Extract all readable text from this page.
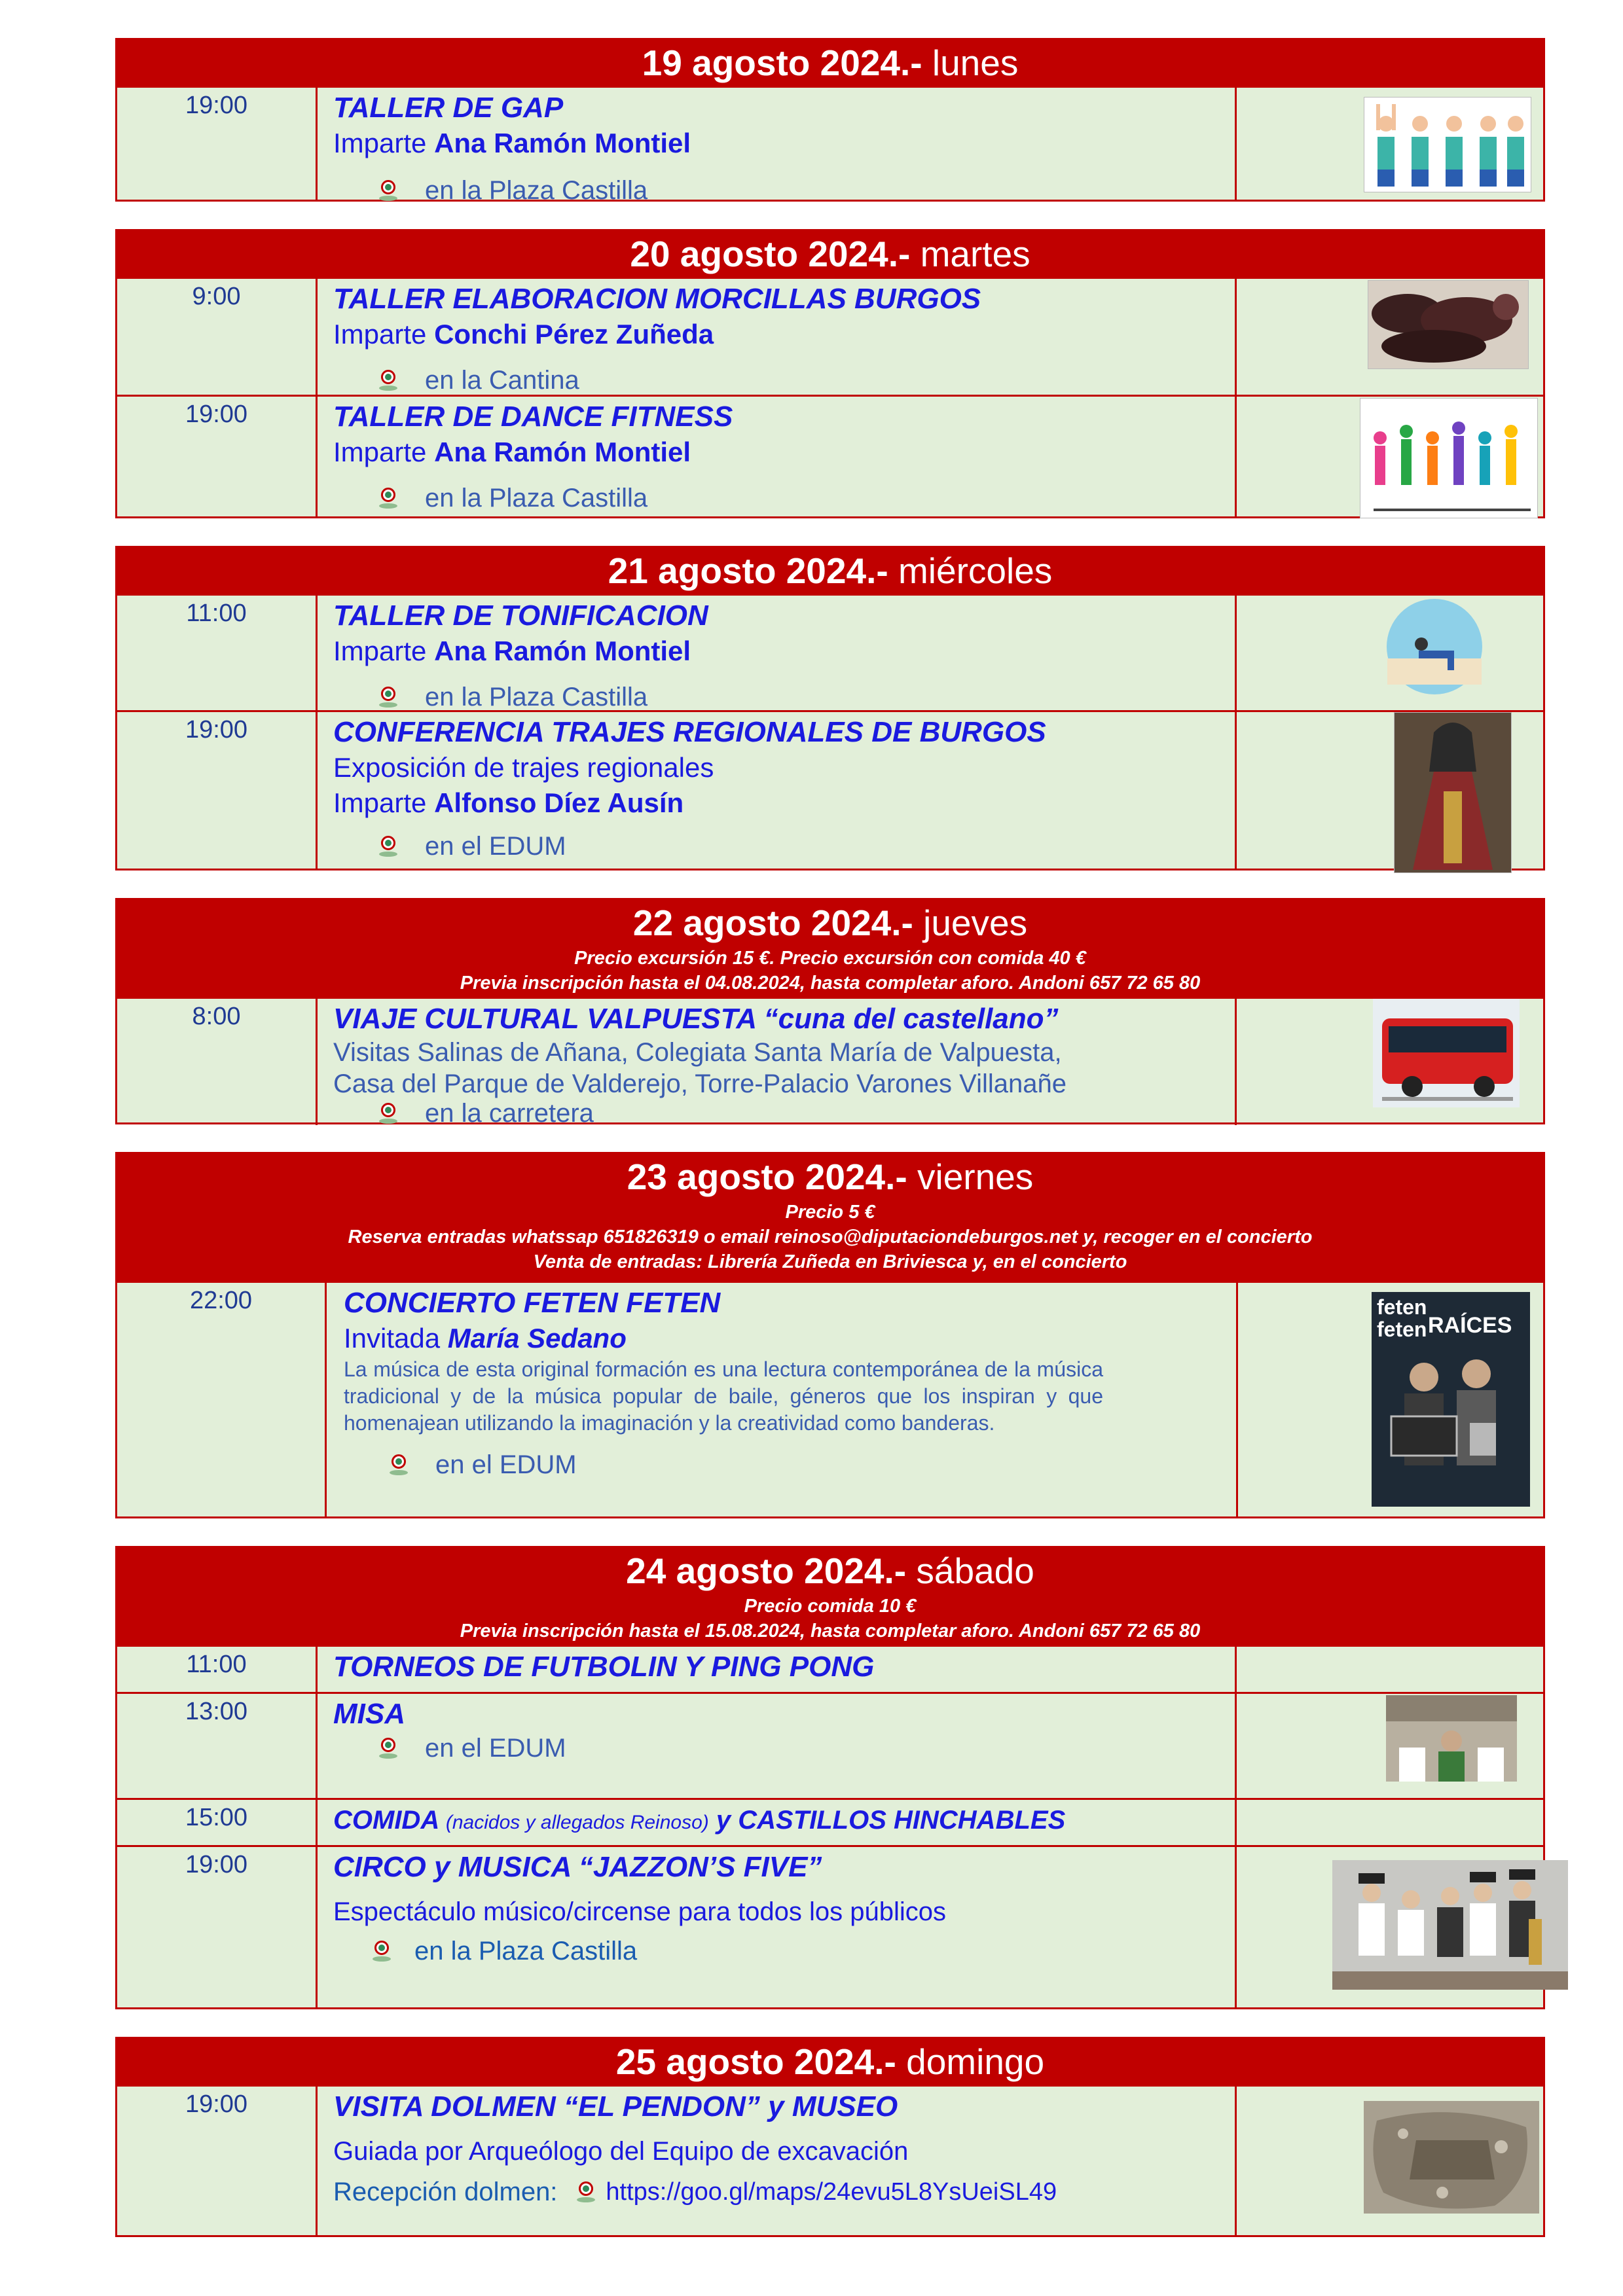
19 agosto 2024.- lunes
19:00	TALLER DE GAP
Imparte Ana Ramón Montiel
en la Plaza Castilla
20 agosto 2024.- martes
9:00	TALLER ELABORACION MORCILLAS BURGOS
Imparte Conchi Pérez Zuñeda
en la Cantina
19:00	TALLER DE DANCE FITNESS
Imparte Ana Ramón Montiel
en la Plaza Castilla
21 agosto 2024.- miércoles
11:00	TALLER DE TONIFICACION
Imparte Ana Ramón Montiel
en la Plaza Castilla
19:00	CONFERENCIA TRAJES REGIONALES DE BURGOS
Exposición de trajes regionales
Imparte Alfonso Díez Ausín
en el EDUM
22 agosto 2024.- jueves
Precio excursión 15 €. Precio excursión con comida 40 €
Previa inscripción hasta el 04.08.2024, hasta completar aforo. Andoni 657 72 65 80
8:00	VIAJE CULTURAL VALPUESTA “cuna del castellano”
Visitas Salinas de Añana, Colegiata Santa María de Valpuesta,
Casa del Parque de Valderejo, Torre-Palacio Varones Villanañe
en la carretera
23 agosto 2024.- viernes
Precio 5 €
Reserva entradas whatssap 651826319 o email reinoso@diputaciondeburgos.net y, recoger en el concierto
Venta de entradas: Librería Zuñeda en Briviesca y, en el concierto
22:00	CONCIERTO FETEN FETEN
Invitada María Sedano
La música de esta original formación es una lectura contemporánea de la música tradicional y de la música popular de baile, géneros que los inspiran y que homenajean utilizando la imaginación y la creatividad como banderas.
en el EDUM
feten
feten RAÍCES
24 agosto 2024.- sábado
Precio comida 10 €
Previa inscripción hasta el 15.08.2024, hasta completar aforo. Andoni 657 72 65 80
11:00	TORNEOS DE FUTBOLIN Y PING PONG
13:00	MISA
en el EDUM
15:00	COMIDA (nacidos y allegados Reinoso) y CASTILLOS HINCHABLES
19:00	CIRCO y MUSICA “JAZZON’S FIVE”
Espectáculo músico/circense para todos los públicos
en la Plaza Castilla
25 agosto 2024.- domingo
19:00	VISITA DOLMEN “EL PENDON” y MUSEO
Guiada por Arqueólogo del Equipo de excavación
Recepción dolmen: https://goo.gl/maps/24evu5L8YsUeiSL49
